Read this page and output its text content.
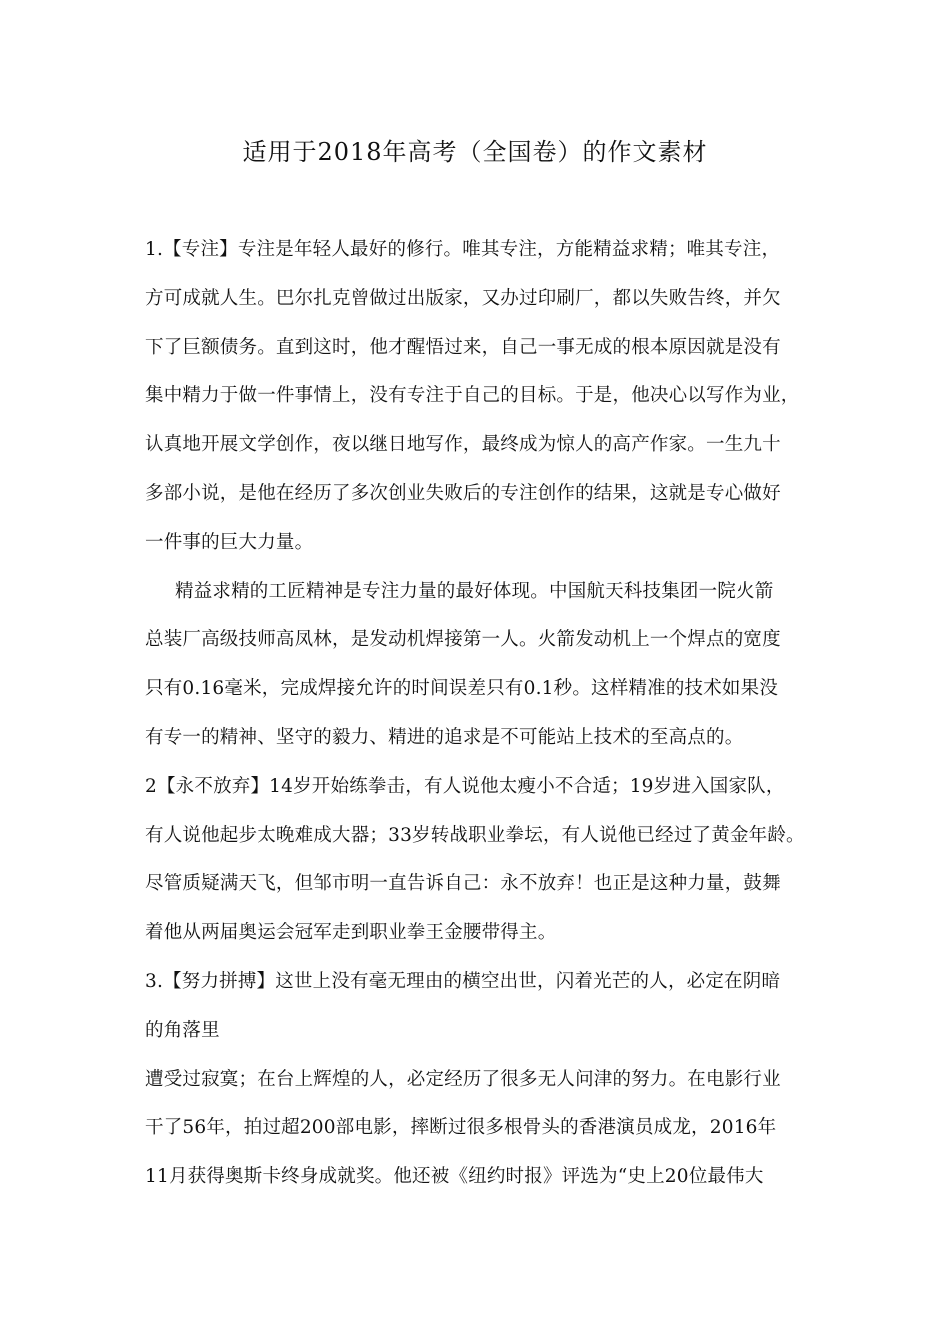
适用于2018年高考（全国卷）的作文素材
1.【专注】专注是年轻人最好的修行。唯其专注，方能精益求精；唯其专注，
方可成就人生。巴尔扎克曾做过出版家，又办过印刷厂，都以失败告终，并欠
下了巨额债务。直到这时，他才醒悟过来，自己一事无成的根本原因就是没有
集中精力于做一件事情上，没有专注于自己的目标。于是，他决心以写作为业，
认真地开展文学创作，夜以继日地写作，最终成为惊人的高产作家。一生九十
多部小说，是他在经历了多次创业失败后的专注创作的结果，这就是专心做好
一件事的巨大力量。
精益求精的工匠精神是专注力量的最好体现。中国航天科技集团一院火箭
总装厂高级技师高凤林，是发动机焊接第一人。火箭发动机上一个焊点的宽度
只有0.16毫米，完成焊接允许的时间误差只有0.1秒。这样精准的技术如果没
有专一的精神、坚守的毅力、精进的追求是不可能站上技术的至高点的。
2【永不放弃】14岁开始练拳击，有人说他太瘦小不合适；19岁进入国家队，
有人说他起步太晚难成大器；33岁转战职业拳坛，有人说他已经过了黄金年龄。
尽管质疑满天飞，但邹市明一直告诉自己：永不放弃！也正是这种力量，鼓舞
着他从两届奥运会冠军走到职业拳王金腰带得主。
3.【努力拼搏】这世上没有毫无理由的横空出世，闪着光芒的人，必定在阴暗
的角落里
遭受过寂寞；在台上辉煌的人，必定经历了很多无人问津的努力。在电影行业
干了56年，拍过超200部电影，摔断过很多根骨头的香港演员成龙，2016年
11月获得奥斯卡终身成就奖。他还被《纽约时报》评选为“史上20位最伟大
